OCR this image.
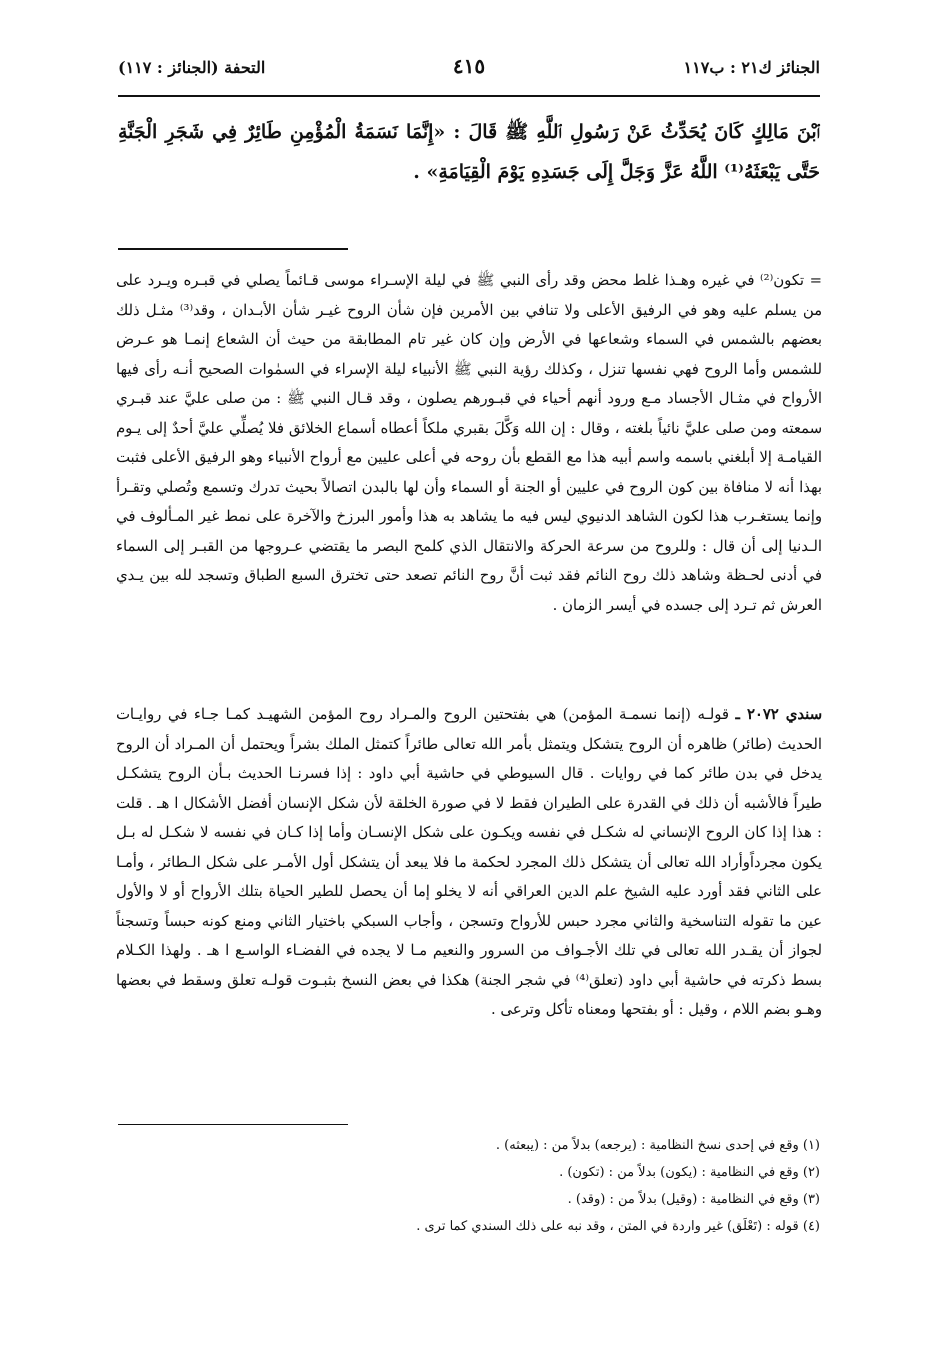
الجنائز ك٢١ : ب١١٧
٤١٥
التحفة (الجنائز : ١١٧)
ٱبْنَ مَالِكٍ كَانَ يُحَدِّثُ عَنْ رَسُولِ ٱللَّهِ ﷺ قَالَ : «إِنَّمَا نَسَمَةُ الْمُؤْمِنِ طَائِرٌ فِي شَجَرِ الْجَنَّةِ حَتَّى يَبْعَثَهُ⁽¹⁾ اللَّهُ عَزَّ وَجَلَّ إِلَى جَسَدِهِ يَوْمَ الْقِيَامَةِ» .
= تكون⁽²⁾ في غيره وهـذا غلط محض وقد رأى النبي ﷺ في ليلة الإسـراء موسى قـائماً يصلي في قبـره ويـرد على من يسلم عليه وهو في الرفيق الأعلى ولا تنافي بين الأمرين فإن شأن الروح غيـر شأن الأبـدان ، وقد⁽³⁾ مثـل ذلك بعضهم بالشمس في السماء وشعاعها في الأرض وإن كان غير تام المطابقة من حيث أن الشعاع إنمـا هو عـرض للشمس وأما الروح فهي نفسها تنزل ، وكذلك رؤية النبي ﷺ الأنبياء ليلة الإسراء في السمٰوات الصحيح أنـه رأى فيها الأرواح في مثـال الأجساد مـع ورود أنهم أحياء في قبـورهم يصلون ، وقد قـال النبي ﷺ : من صلى عليَّ عند قبـري سمعته ومن صلى عليَّ نائياً بلغته ، وقال : إن الله وَكَّلَ بقبري ملكاً أعطاه أسماع الخلائق فلا يُصلِّي عليَّ أحدٌ إلى يـوم القيامـة إلا أبلغني باسمه واسم أبيه هذا مع القطع بأن روحه في أعلى عليين مع أرواح الأنبياء وهو الرفيق الأعلى فثبت بهذا أنه لا منافاة بين كون الروح في عليين أو الجنة أو السماء وأن لها بالبدن اتصالاً بحيث تدرك وتسمع وتُصلي وتقـرأ وإنما يستغـرب هذا لكون الشاهد الدنيوي ليس فيه ما يشاهد به هذا وأمور البرزخ والآخرة على نمط غير المـألوف في الـدنيا إلى أن قال : وللروح من سرعة الحركة والانتقال الذي كلمح البصر ما يقتضي عـروجها من القبـر إلى السماء في أدنى لحـظة وشاهد ذلك روح النائم فقد ثبت أنَّ روح النائم تصعد حتى تخترق السبع الطباق وتسجد لله بين يـدي العرش ثم تـرد إلى جسده في أيسر الزمان .
سندي ٢٠٧٢ ـ قولـه (إنما نسمـة المؤمن) هي بفتحتين الروح والمـراد روح المؤمن الشهيـد كمـا جـاء في روايـات الحديث (طائر) ظاهره أن الروح يتشكل ويتمثل بأمر الله تعالى طائراً كتمثل الملك بشراً ويحتمل أن المـراد أن الروح يدخل في بدن طائر كما في روايات . قال السيوطي في حاشية أبي داود : إذا فسرنـا الحديث بـأن الروح يتشكـل طيراً فالأشبه أن ذلك في القدرة على الطيران فقط لا في صورة الخلقة لأن شكل الإنسان أفضل الأشكال ا هـ . قلت : هذا إذا كان الروح الإنساني له شكـل في نفسه ويكـون على شكل الإنسـان وأما إذا كـان في نفسه لا شكـل له بـل يكون مجرداًوأراد الله تعالى أن يتشكل ذلك المجرد لحكمة ما فلا يبعد أن يتشكل أول الأمـر على شكل الـطائر ، وأمـا على الثاني فقد أورد عليه الشيخ علم الدين العراقي أنه لا يخلو إما أن يحصل للطير الحياة بتلك الأرواح أو لا والأول عين ما تقوله التناسخية والثاني مجرد حبس للأرواح وتسجن ، وأجاب السبكي باختيار الثاني ومنع كونه حبساً وتسجناً لجواز أن يقـدر الله تعالى في تلك الأجـواف من السرور والنعيم مـا لا يجده في الفضـاء الواسـع ا هـ . ولهذا الكـلام بسط ذكرته في حاشية أبي داود (تعلق⁽⁴⁾ في شجر الجنة) هكذا في بعض النسخ بثبـوت قولـه تعلق وسقط في بعضها وهـو بضم اللام ، وقيل : أو بفتحها ومعناه تأكل وترعى .
(١) وقع في إحدى نسخ النظامية : (يرجعه) بدلاً من : (يبعثه) .
(٢) وقع في النظامية : (يكون) بدلاً من : (تكون) .
(٣) وقع في النظامية : (وقيل) بدلاً من : (وقد) .
(٤) قوله : (تَعْلَق) غير واردة في المتن ، وقد نبه على ذلك السندي كما ترى .
